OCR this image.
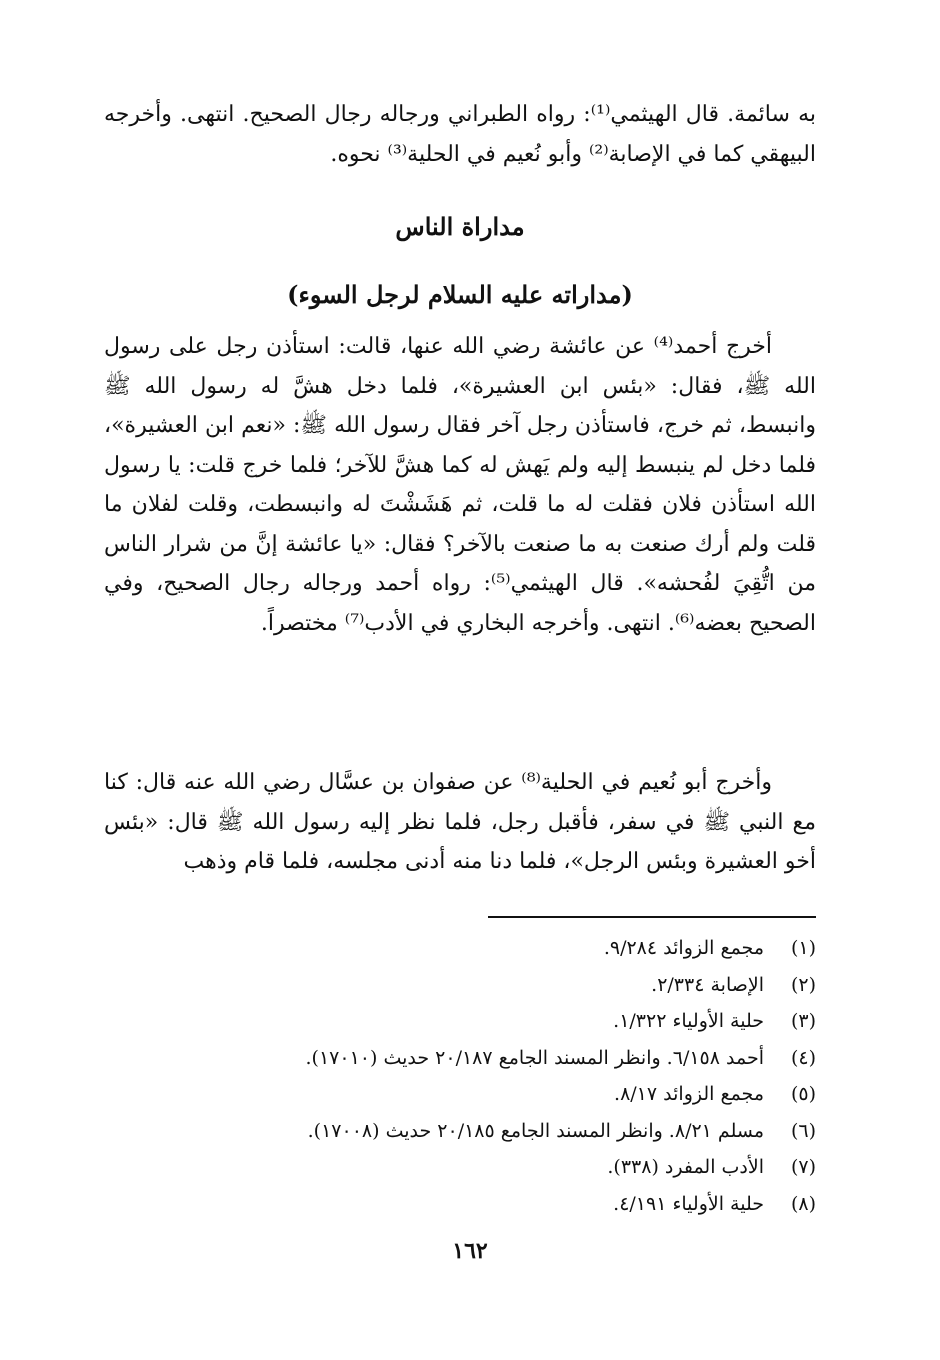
به سائمة. قال الهيثمي⁽¹⁾: رواه الطبراني ورجاله رجال الصحيح. انتهى. وأخرجه البيهقي كما في الإصابة⁽²⁾ وأبو نُعيم في الحلية⁽³⁾ نحوه.

مداراة الناس
(مداراته عليه السلام لرجل السوء)

أخرج أحمد⁽⁴⁾ عن عائشة رضي الله عنها، قالت: استأذن رجل على رسول الله ﷺ، فقال: «بئس ابن العشيرة»، فلما دخل هشَّ له رسول الله ﷺ وانبسط، ثم خرج، فاستأذن رجل آخر فقال رسول الله ﷺ: «نعم ابن العشيرة»، فلما دخل لم ينبسط إليه ولم يَهش له كما هشَّ للآخر؛ فلما خرج قلت: يا رسول الله استأذن فلان فقلت له ما قلت، ثم هَشَشْتَ له وانبسطت، وقلت لفلان ما قلت ولم أرك صنعت به ما صنعت بالآخر؟ فقال: «يا عائشة إنَّ من شرار الناس من اتُّقِيَ لفُحشه». قال الهيثمي⁽⁵⁾: رواه أحمد ورجاله رجال الصحيح، وفي الصحيح بعضه⁽⁶⁾. انتهى. وأخرجه البخاري في الأدب⁽⁷⁾ مختصراً.

وأخرج أبو نُعيم في الحلية⁽⁸⁾ عن صفوان بن عسَّال رضي الله عنه قال: كنا مع النبي ﷺ في سفر، فأقبل رجل، فلما نظر إليه رسول الله ﷺ قال: «بئس أخو العشيرة وبئس الرجل»، فلما دنا منه أدنى مجلسه، فلما قام وذهب

(١)مجمع الزوائد ٩/٢٨٤.
(٢)الإصابة ٢/٣٣٤.
(٣)حلية الأولياء ١/٣٢٢.
(٤)أحمد ٦/١٥٨. وانظر المسند الجامع ٢٠/١٨٧ حديث (١٧٠١٠).
(٥)مجمع الزوائد ٨/١٧.
(٦)مسلم ٨/٢١. وانظر المسند الجامع ٢٠/١٨٥ حديث (١٧٠٠٨).
(٧)الأدب المفرد (٣٣٨).
(٨)حلية الأولياء ٤/١٩١.
١٦٢
